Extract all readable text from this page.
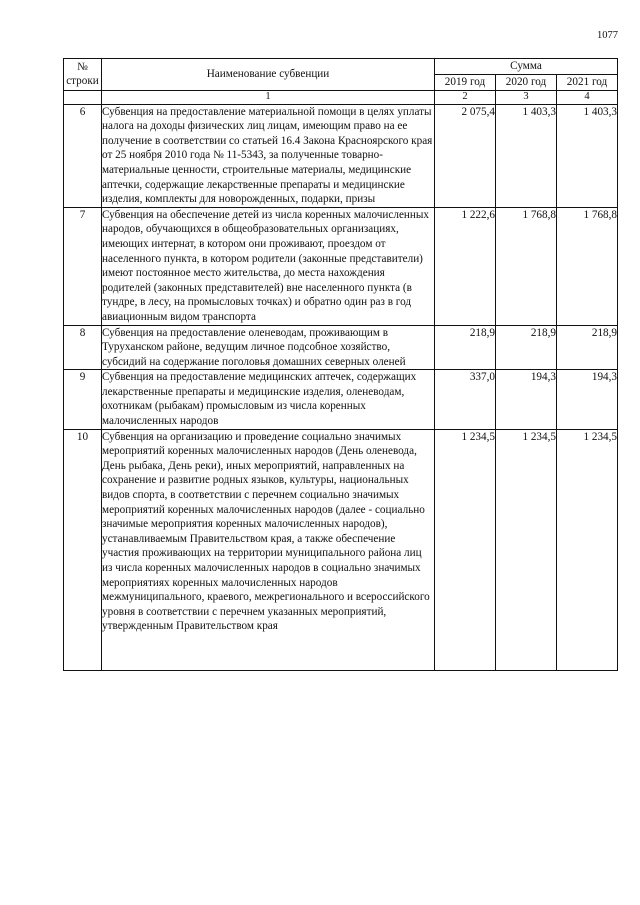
1077
№ строки	Наименование субвенции	Сумма		
		2019 год	2020 год	2021 год
	1	2	3	4
6	Субвенция на предоставление материальной помощи в целях уплаты налога на доходы физических лиц лицам, имеющим право на ее получение в соответствии со статьей 16.4 Закона Красноярского края от 25 ноября 2010 года № 11-5343, за полученные товарно-материальные ценности, строительные материалы, медицинские аптечки, содержащие лекарственные препараты и медицинские изделия, комплекты для новорожденных, подарки, призы	2 075,4	1 403,3	1 403,3
7	Субвенция на обеспечение детей из числа коренных малочисленных народов, обучающихся в общеобразовательных организациях, имеющих интернат, в котором они проживают, проездом от населенного пункта, в котором родители (законные представители) имеют постоянное место жительства, до места нахождения родителей (законных представителей) вне населенного пункта (в тундре, в лесу, на промысловых точках) и обратно один раз в год авиационным видом транспорта	1 222,6	1 768,8	1 768,8
8	Субвенция на предоставление оленеводам, проживающим в Туруханском районе, ведущим личное подсобное хозяйство, субсидий на содержание поголовья домашних северных оленей	218,9	218,9	218,9
9	Субвенция на предоставление медицинских аптечек, содержащих лекарственные препараты и медицинские изделия, оленеводам, охотникам (рыбакам) промысловым из числа коренных малочисленных народов	337,0	194,3	194,3
10	Субвенция на организацию и проведение социально значимых мероприятий коренных малочисленных народов (День оленевода, День рыбака, День реки), иных мероприятий, направленных на сохранение и развитие родных языков, культуры, национальных видов спорта, в соответствии с перечнем социально значимых мероприятий коренных малочисленных народов (далее - социально значимые мероприятия коренных малочисленных народов), устанавливаемым Правительством края, а также обеспечение участия проживающих на территории муниципального района лиц из числа коренных малочисленных народов в социально значимых мероприятиях коренных малочисленных народов межмуниципального, краевого, межрегионального и всероссийского уровня в соответствии с перечнем указанных мероприятий, утвержденным Правительством края	1 234,5	1 234,5	1 234,5
